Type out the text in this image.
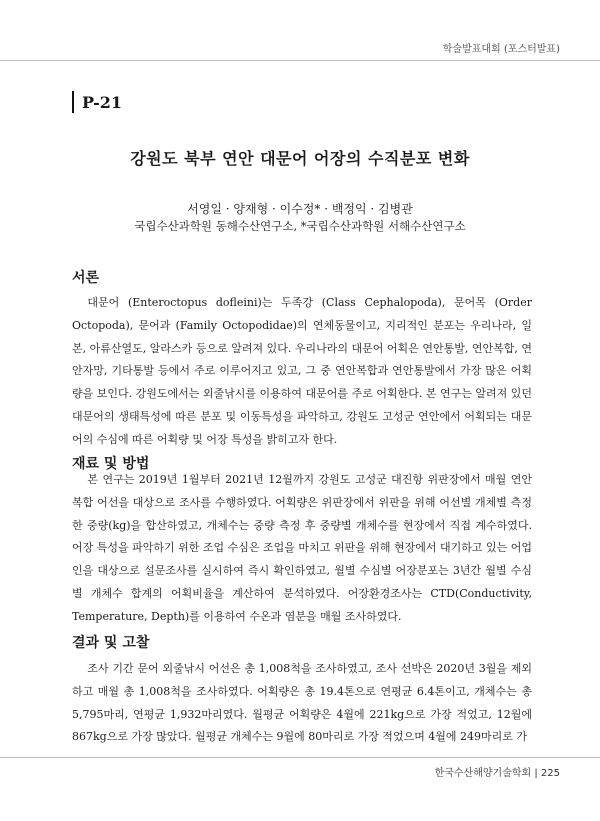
학술발표대회 (포스터발표)
P-21
강원도 북부 연안 대문어 어장의 수직분포 변화
서영일 · 양재형 · 이수정* · 백정익 · 김병관
국립수산과학원 동해수산연구소, *국립수산과학원 서해수산연구소
서론
대문어 (Enteroctopus dofleini)는 두족강 (Class Cephalopoda), 문어목 (Order Octopoda), 문어과 (Family Octopodidae)의 연체동물이고, 지리적인 분포는 우리나라, 일본, 아류산열도, 알라스카 등으로 알려져 있다. 우리나라의 대문어 어획은 연안통발, 연안복합, 연안자망, 기타통발 등에서 주로 이루어지고 있고, 그 중 연안복합과 연안통발에서 가장 많은 어획량을 보인다. 강원도에서는 외줄낚시를 이용하여 대문어를 주로 어획한다. 본 연구는 알려져 있던 대문어의 생태특성에 따른 분포 및 이동특성을 파악하고, 강원도 고성군 연안에서 어획되는 대문어의 수심에 따른 어획량 및 어장 특성을 밝히고자 한다.
재료 및 방법
본 연구는 2019년 1월부터 2021년 12월까지 강원도 고성군 대진항 위판장에서 매월 연안복합 어선을 대상으로 조사를 수행하였다. 어획량은 위판장에서 위판을 위해 어선별 개체별 측정한 중량(kg)을 합산하였고, 개체수는 중량 측정 후 중량별 개체수를 현장에서 직접 계수하였다. 어장 특성을 파악하기 위한 조업 수심은 조업을 마치고 위판을 위해 현장에서 대기하고 있는 어업인을 대상으로 설문조사를 실시하여 즉시 확인하였고, 월별 수심별 어장분포는 3년간 월별 수심별 개체수 합계의 어획비율을 계산하여 분석하였다. 어장환경조사는 CTD(Conductivity, Temperature, Depth)를 이용하여 수온과 염분을 매월 조사하였다.
결과 및 고찰
조사 기간 문어 외줄낚시 어선은 총 1,008척을 조사하였고, 조사 선박은 2020년 3월을 제외하고 매월 총 1,008척을 조사하였다. 어획량은 총 19.4톤으로 연평균 6.4톤이고, 개체수는 총 5,795마리, 연평균 1,932마리였다. 월평균 어획량은 4월에 221kg으로 가장 적었고, 12월에 867kg으로 가장 많았다. 월평균 개체수는 9월에 80마리로 가장 적었으며 4월에 249마리로 가
한국수산해양기술학회 | 225
